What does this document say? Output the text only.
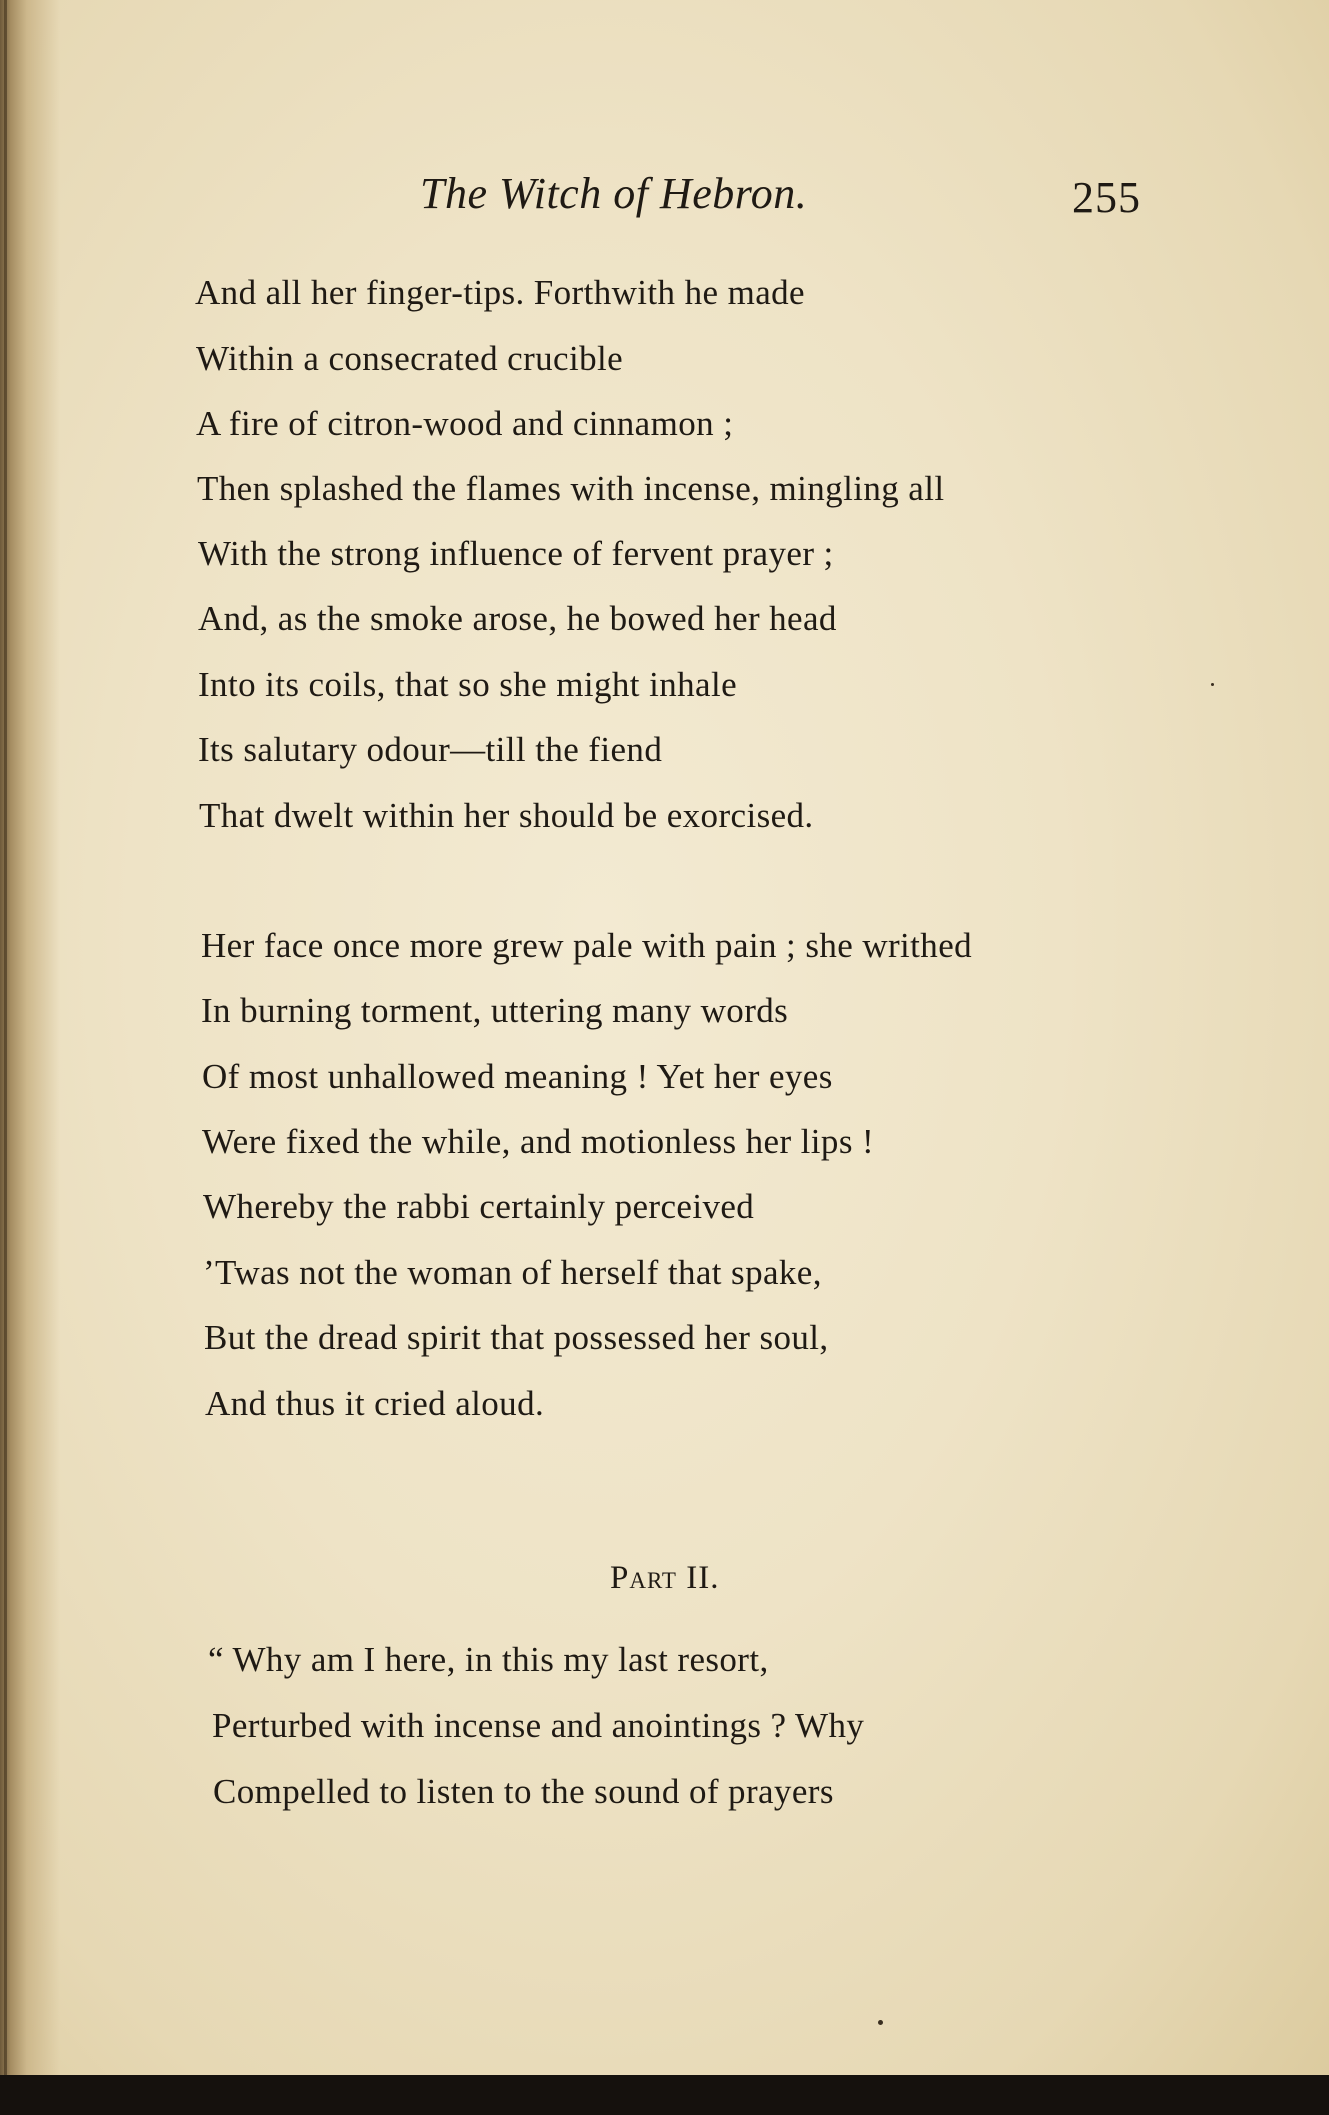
The Witch of Hebron.	255
And all her finger-tips. Forthwith he made
Within a consecrated crucible
A fire of citron-wood and cinnamon ;
Then splashed the flames with incense, mingling all
With the strong influence of fervent prayer ;
And, as the smoke arose, he bowed her head
Into its coils, that so she might inhale
Its salutary odour—till the fiend
That dwelt within her should be exorcised.
Her face once more grew pale with pain ; she writhed
In burning torment, uttering many words
Of most unhallowed meaning ! Yet her eyes
Were fixed the while, and motionless her lips !
Whereby the rabbi certainly perceived
’Twas not the woman of herself that spake,
But the dread spirit that possessed her soul,
And thus it cried aloud.
Part II.
“ Why am I here, in this my last resort,
Perturbed with incense and anointings ? Why
Compelled to listen to the sound of prayers
